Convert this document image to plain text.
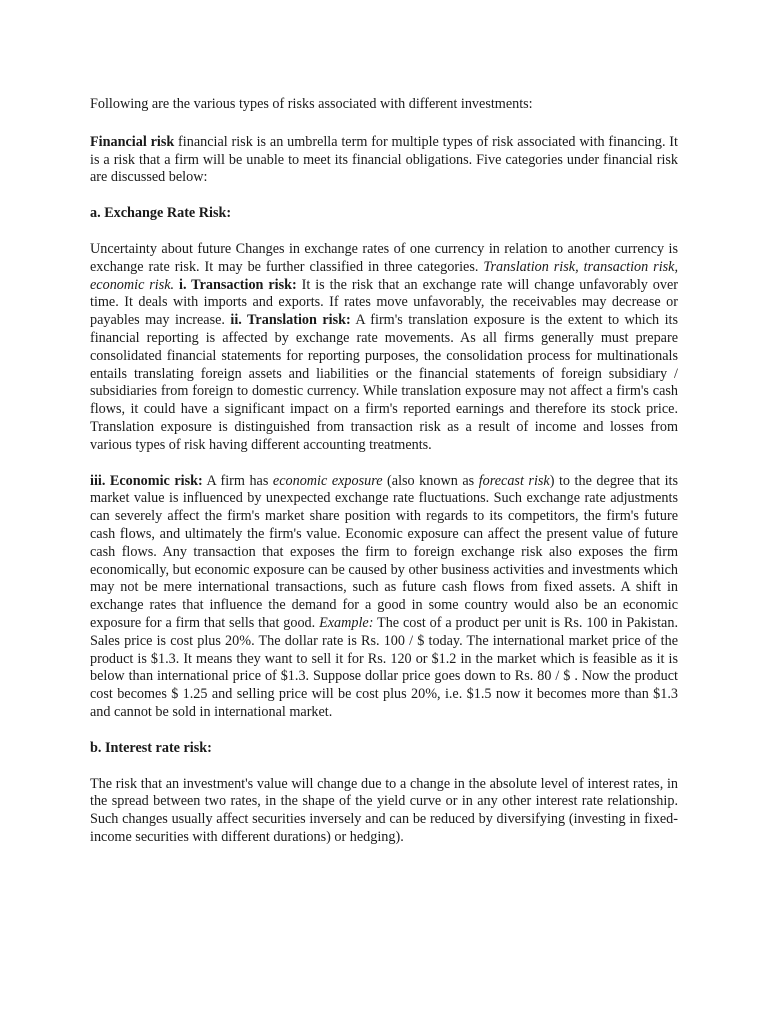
Following are the various types of risks associated with different investments:

Financial risk financial risk is an umbrella term for multiple types of risk associated with financing. It is a risk that a firm will be unable to meet its financial obligations. Five categories under financial risk are discussed below:

a. Exchange Rate Risk:

Uncertainty about future Changes in exchange rates of one currency in relation to another currency is exchange rate risk. It may be further classified in three categories. Translation risk, transaction risk, economic risk. i. Transaction risk: It is the risk that an exchange rate will change unfavorably over time. It deals with imports and exports. If rates move unfavorably, the receivables may decrease or payables may increase. ii. Translation risk: A firm's translation exposure is the extent to which its financial reporting is affected by exchange rate movements. As all firms generally must prepare consolidated financial statements for reporting purposes, the consolidation process for multinationals entails translating foreign assets and liabilities or the financial statements of foreign subsidiary / subsidiaries from foreign to domestic currency. While translation exposure may not affect a firm's cash flows, it could have a significant impact on a firm's reported earnings and therefore its stock price. Translation exposure is distinguished from transaction risk as a result of income and losses from various types of risk having different accounting treatments.

iii. Economic risk: A firm has economic exposure (also known as forecast risk) to the degree that its market value is influenced by unexpected exchange rate fluctuations. Such exchange rate adjustments can severely affect the firm's market share position with regards to its competitors, the firm's future cash flows, and ultimately the firm's value. Economic exposure can affect the present value of future cash flows. Any transaction that exposes the firm to foreign exchange risk also exposes the firm economically, but economic exposure can be caused by other business activities and investments which may not be mere international transactions, such as future cash flows from fixed assets. A shift in exchange rates that influence the demand for a good in some country would also be an economic exposure for a firm that sells that good. Example: The cost of a product per unit is Rs. 100 in Pakistan. Sales price is cost plus 20%. The dollar rate is Rs. 100 / $ today. The international market price of the product is $1.3. It means they want to sell it for Rs. 120 or $1.2 in the market which is feasible as it is below than international price of $1.3. Suppose dollar price goes down to Rs. 80 / $ . Now the product cost becomes $ 1.25 and selling price will be cost plus 20%, i.e. $1.5 now it becomes more than $1.3 and cannot be sold in international market.

b. Interest rate risk:

The risk that an investment's value will change due to a change in the absolute level of interest rates, in the spread between two rates, in the shape of the yield curve or in any other interest rate relationship. Such changes usually affect securities inversely and can be reduced by diversifying (investing in fixed-income securities with different durations) or hedging).
